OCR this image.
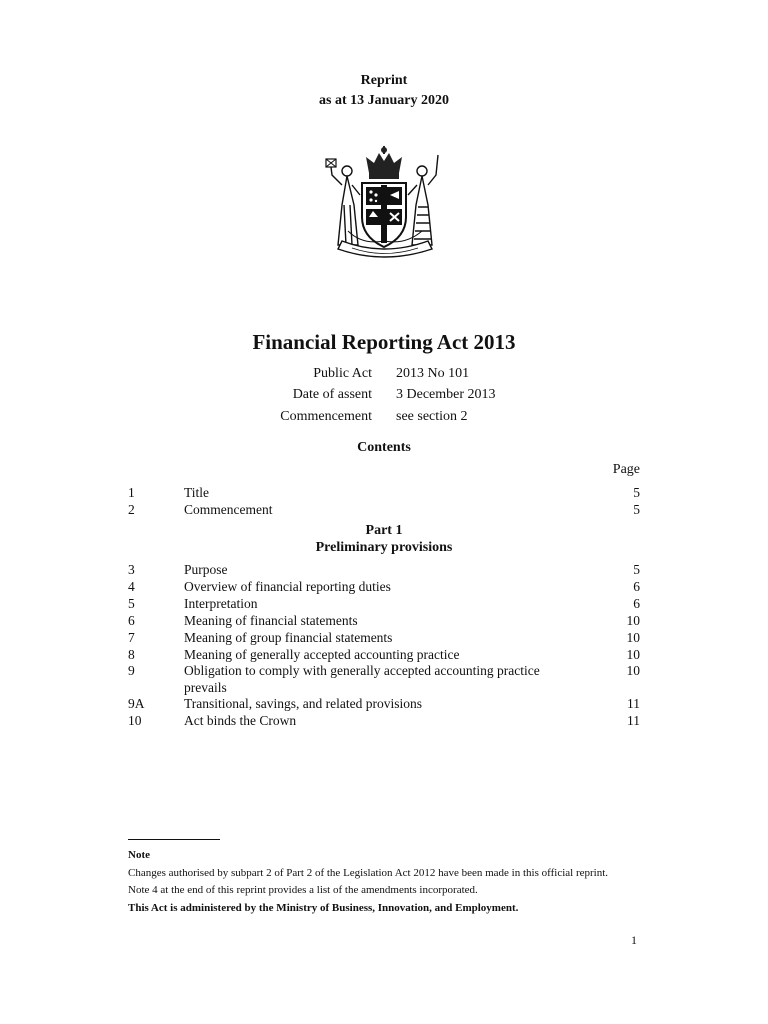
Reprint
as at 13 January 2020
Financial Reporting Act 2013
Public Act 2013 No 101
Date of assent 3 December 2013
Commencement see section 2
Contents
Page
1	Title	5
2	Commencement	5
Part 1
Preliminary provisions
3	Purpose	5
4	Overview of financial reporting duties	6
5	Interpretation	6
6	Meaning of financial statements	10
7	Meaning of group financial statements	10
8	Meaning of generally accepted accounting practice	10
9	Obligation to comply with generally accepted accounting practice	10
prevails
9A	Transitional, savings, and related provisions	11
10	Act binds the Crown	11
Note
Changes authorised by subpart 2 of Part 2 of the Legislation Act 2012 have been made in this official reprint.
Note 4 at the end of this reprint provides a list of the amendments incorporated.
This Act is administered by the Ministry of Business, Innovation, and Employment.
1
